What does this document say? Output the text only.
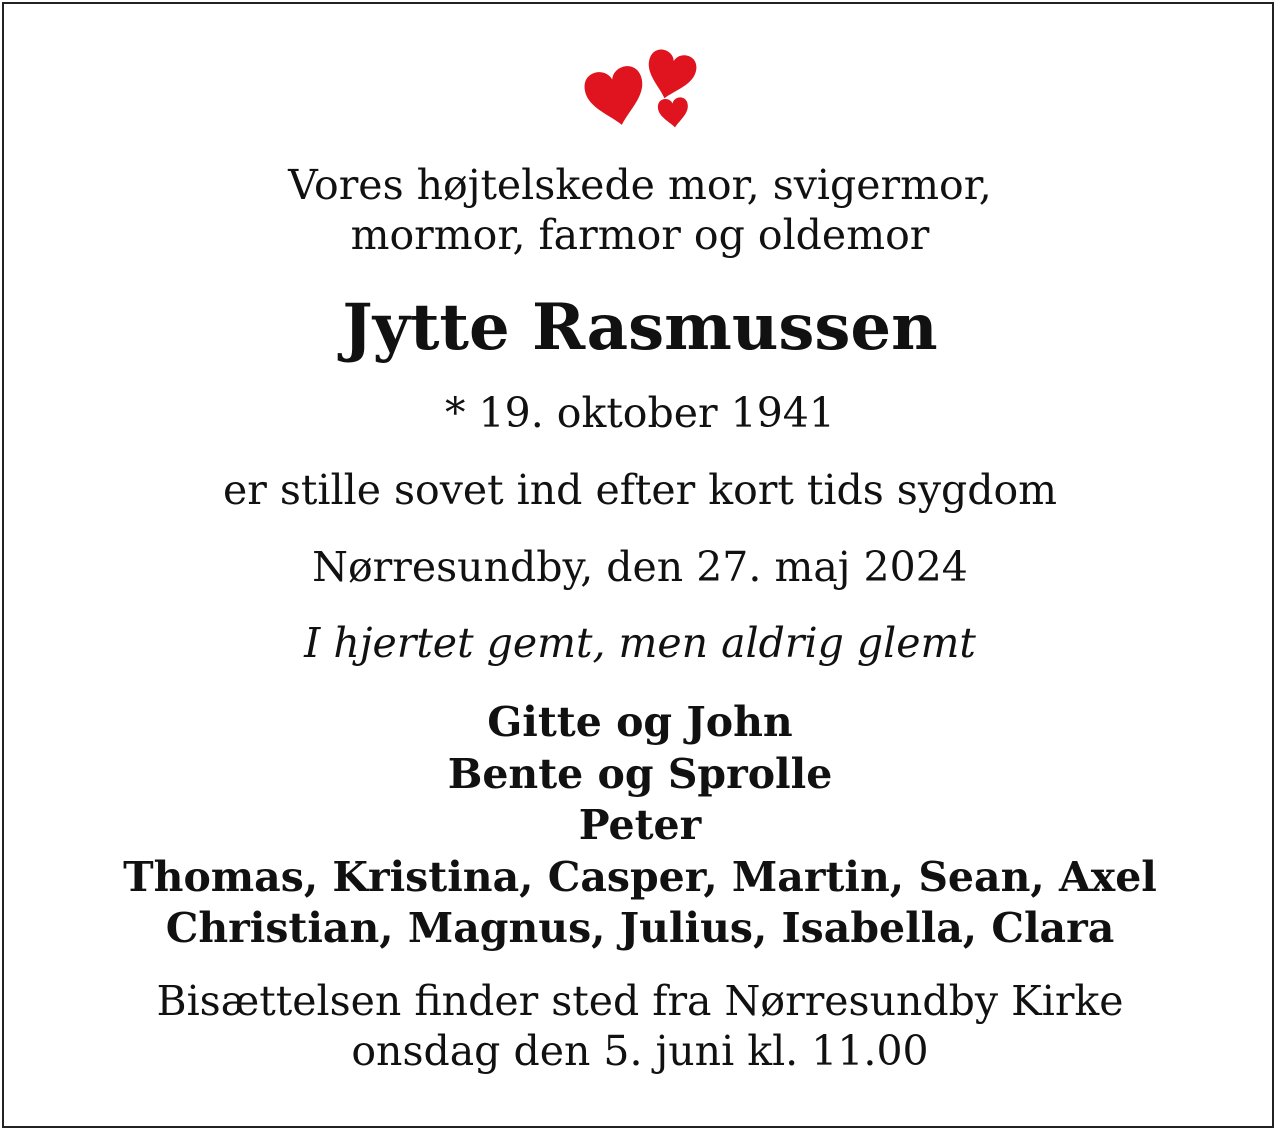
Vores højtelskede mor, svigermor,
mormor, farmor og oldemor
Jytte Rasmussen
* 19. oktober 1941
er stille sovet ind efter kort tids sygdom
Nørresundby, den 27. maj 2024
I hjertet gemt, men aldrig glemt
Gitte og John
Bente og Sprolle
Peter
Thomas, Kristina, Casper, Martin, Sean, Axel
Christian, Magnus, Julius, Isabella, Clara
Bisættelsen finder sted fra Nørresundby Kirke
onsdag den 5. juni kl. 11.00
